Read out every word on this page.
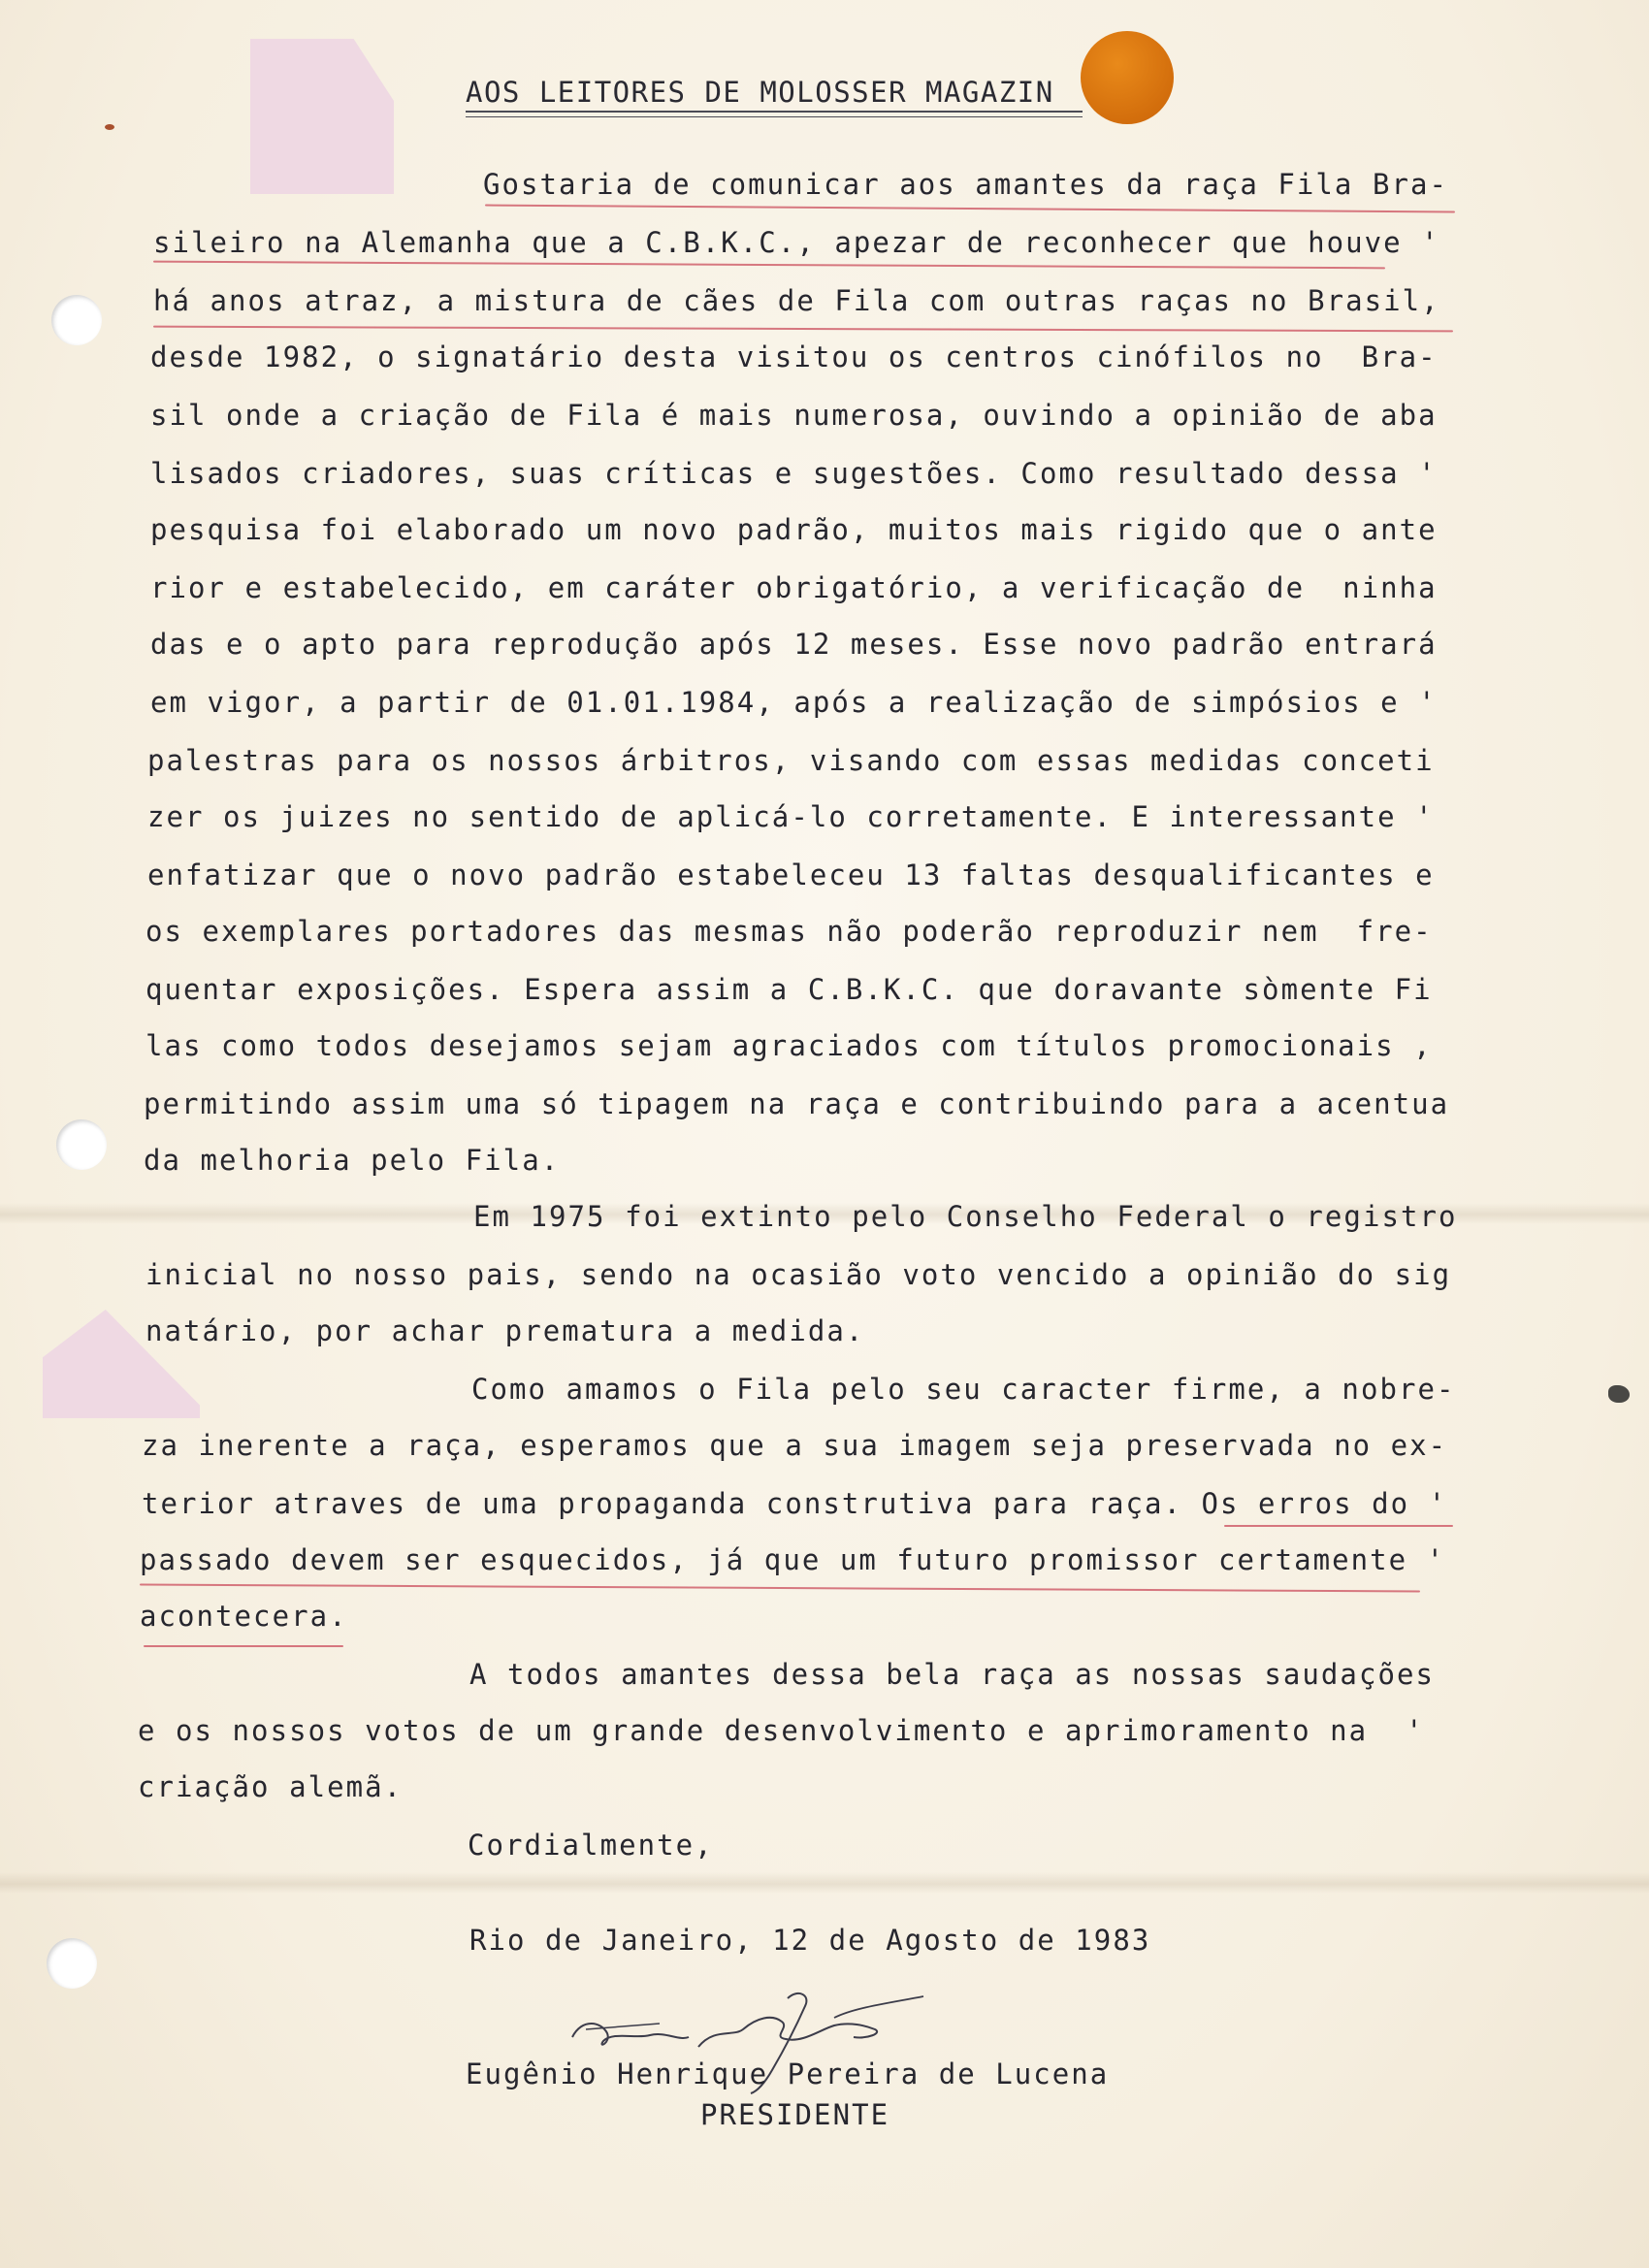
AOS LEITORES DE MOLOSSER MAGAZIN
Gostaria de comunicar aos amantes da raça Fila Bra-
sileiro na Alemanha que a C.B.K.C., apezar de reconhecer que houve '
há anos atraz, a mistura de cães de Fila com outras raças no Brasil,
desde 1982, o signatário desta visitou os centros cinófilos no  Bra-
sil onde a criação de Fila é mais numerosa, ouvindo a opinião de aba
lisados criadores, suas críticas e sugestões. Como resultado dessa '
pesquisa foi elaborado um novo padrão, muitos mais rigido que o ante
rior e estabelecido, em caráter obrigatório, a verificação de  ninha
das e o apto para reprodução após 12 meses. Esse novo padrão entrará
em vigor, a partir de 01.01.1984, após a realização de simpósios e '
palestras para os nossos árbitros, visando com essas medidas conceti
zer os juizes no sentido de aplicá-lo corretamente. E interessante '
enfatizar que o novo padrão estabeleceu 13 faltas desqualificantes e
os exemplares portadores das mesmas não poderão reproduzir nem  fre-
quentar exposições. Espera assim a C.B.K.C. que doravante sòmente Fi
las como todos desejamos sejam agraciados com títulos promocionais ,
permitindo assim uma só tipagem na raça e contribuindo para a acentua
da melhoria pelo Fila.
Em 1975 foi extinto pelo Conselho Federal o registro
inicial no nosso pais, sendo na ocasião voto vencido a opinião do sig
natário, por achar prematura a medida.
Como amamos o Fila pelo seu caracter firme, a nobre-
za inerente a raça, esperamos que a sua imagem seja preservada no ex-
terior atraves de uma propaganda construtiva para raça. Os erros do '
passado devem ser esquecidos, já que um futuro promissor certamente '
acontecera.
A todos amantes dessa bela raça as nossas saudações
e os nossos votos de um grande desenvolvimento e aprimoramento na  '
criação alemã.
Cordialmente,
Rio de Janeiro, 12 de Agosto de 1983
Eugênio Henrique Pereira de Lucena
PRESIDENTE
